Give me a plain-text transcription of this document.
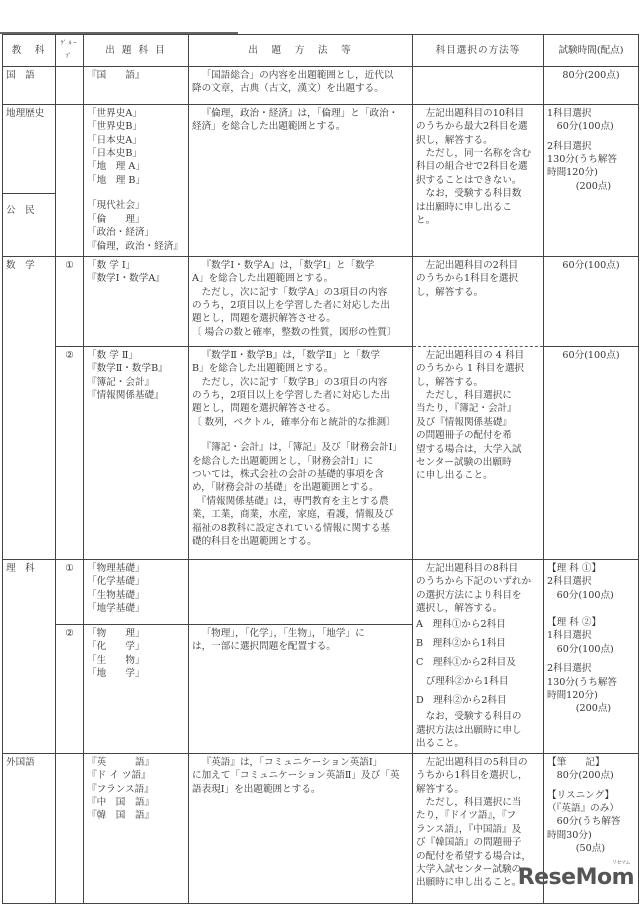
教　科	ｸﾞﾙｰﾌﾟ	出 題 科 目	出　題　方　法　等	科目選択の方法等	試験時間(配点)
国　語		『国　　語』	「国語総合」の内容を出題範囲とし，近代以
降の文章，古典（古文，漢文）を出題する。

80分(200点)

地理歴史		「世界史A」
「世界史B」
「日本史A」
「日本史B」
「地　理 A」
「地　理 B」

『倫理，政治・経済』は，「倫理」と「政治・
経済」を総合した出題範囲とする。

左記出題科目の10科目
のうちから最大2科目を選
択し，解答する。
　ただし，同一名称を含む
科目の組合せで2科目を選
択することはできない。
　なお，受験する科目数
は出願時に申し出るこ
と。

1科目選択
　60分(100点)
2科目選択
130分(うち解答
時間120分)
　　　(200点)

公　民	「現代社会」
「倫　　理」
「政治・経済」
『倫理，政治・経済』

数　学	①	「数 学 Ⅰ」
『数学Ⅰ・数学A』

『数学Ⅰ・数学A』は，「数学Ⅰ」と「数学
A」を総合した出題範囲とする。
　ただし，次に記す「数学A」の3項目の内容
のうち，2項目以上を学習した者に対応した出
題とし，問題を選択解答させる。
〔 場合の数と確率，整数の性質，図形の性質〕

左記出題科目の2科目
のうちから1科目を選択
し，解答する。

60分(100点)

②	「数 学 Ⅱ」
『数学Ⅱ・数学B』
『簿記・会計』
『情報関係基礎』

『数学Ⅱ・数学B』は，「数学Ⅱ」と「数学
B」を総合した出題範囲とする。
　ただし，次に記す「数学B」の3項目の内容
のうち，2項目以上を学習した者に対応した出
題とし，問題を選択解答させる。
〔 数列，ベクトル，確率分布と統計的な推測〕
『簿記・会計』は，「簿記」及び「財務会計Ⅰ」
を総合した出題範囲とし，「財務会計Ⅰ」に
ついては，株式会社の会計の基礎的事項を含
め，「財務会計の基礎」を出題範囲とする。
　『情報関係基礎』は，専門教育を主とする農
業，工業，商業，水産，家庭，看護，情報及び
福祉の8教科に設定されている情報に関する基
礎的科目を出題範囲とする。

左記出題科目の 4 科目
のうちから 1 科目を選択
し，解答する。
　ただし，科目選択に
当たり，『簿記・会計』
及び『情報関係基礎』
の問題冊子の配付を希
望する場合は，大学入試
センター試験の出願時
に申し出ること。

60分(100点)

理　科	①	「物理基礎」
「化学基礎」
「生物基礎」
「地学基礎」

左記出題科目の8科目
のうちから下記のいずれか
の選択方法により科目を
選択し，解答する。
A　理科①から2科目
B　理科②から1科目
C　理科①から2科目及
　び理科②から1科目
D　理科②から2科目
なお，受験する科目の
選択方法は出願時に申し
出ること。

【理 科 ①】
2科目選択
　60分(100点)
【理 科 ②】
1科目選択
　60分(100点)
2科目選択
130分(うち解答
時間120分)
　　　(200点)

②	「物　　理」
「化　　学」
「生　　物」
「地　　学」

「物理」，「化学」，「生物」，「地学」に
は，一部に選択問題を配置する。

外国語		『英　　　語』
『ド イ ツ語』
『フランス語』
『中　国　語』
『韓　国　語』

『英語』は，「コミュニケーション英語Ⅰ」
に加えて「コミュニケーション英語Ⅱ」及び「英
語表現Ⅰ」を出題範囲とする。

左記出題科目の5科目の
うちから1科目を選択し，
解答する。
　ただし，科目選択に当
たり，『ドイツ語』，『フ
ランス語』，『中国語』及
び『韓国語』の問題冊子
の配付を希望する場合は，
大学入試センター試験の
出願時に申し出ること。

【筆　　記】
　80分(200点)
【リスニング】
（『英語』のみ）
　60分(うち解答
時間30分)
　　　(50点)
リセマム
ReseMom
